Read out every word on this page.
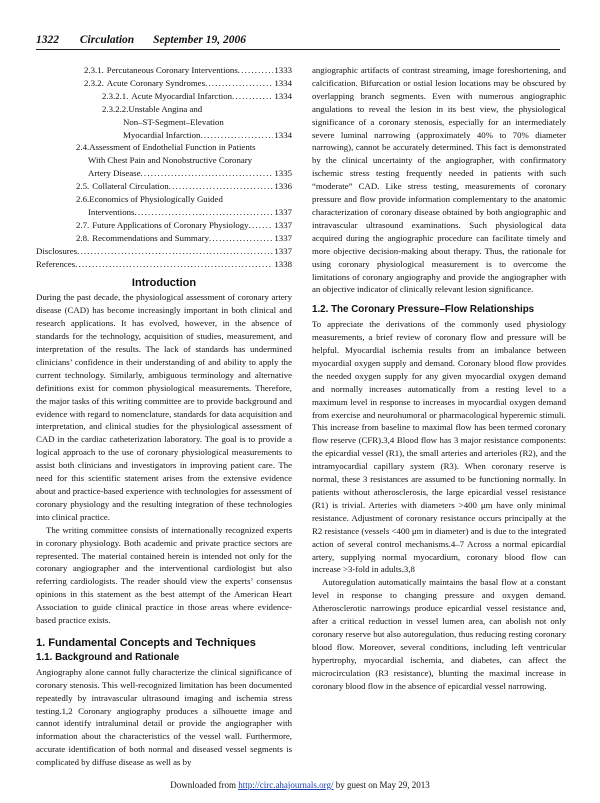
1322 Circulation September 19, 2006
2.3.1. Percutaneous Coronary Interventions .....	1333
2.3.2. Acute Coronary Syndromes .....	1334
2.3.2.1. Acute Myocardial Infarction .....	1334
2.3.2.2.Unstable Angina and
Non–ST-Segment–Elevation
Myocardial Infarction .....	1334
2.4.Assessment of Endothelial Function in Patients
With Chest Pain and Nonobstructive Coronary
Artery Disease .....	1335
2.5. Collateral Circulation .....	1336
2.6.Economics of Physiologically Guided
Interventions .....	1337
2.7. Future Applications of Coronary Physiology .....	1337
2.8. Recommendations and Summary .....	1337
Disclosures .....	1337
References .....	1338
Introduction

During the past decade, the physiological assessment of coronary artery disease (CAD) has become increasingly important in both clinical and research applications. It has evolved, however, in the absence of standards for the technology, acquisition of studies, measurement, and interpretation of the results. The lack of standards has undermined clinicians’ confidence in their understanding of and ability to apply the current technology. Similarly, ambiguous terminology and alternative definitions exist for common physiological measurements. Therefore, the major tasks of this writing committee are to provide background and evidence with regard to nomenclature, standards for data acquisition and interpretation, and clinical studies for the physiological assessment of CAD in the cardiac catheterization laboratory. The goal is to provide a logical approach to the use of coronary physiological measurements to assist both clinicians and investigators in improving patient care. The need for this scientific statement arises from the extensive evidence about and practice-based experience with technologies for assessment of coronary physiology and the resulting integration of these technologies into clinical practice.

The writing committee consists of internationally recognized experts in coronary physiology. Both academic and private practice sectors are represented. The material contained herein is intended not only for the coronary angiographer and the interventional cardiologist but also referring cardiologists. The reader should view the experts’ consensus opinions in this statement as the best attempt of the American Heart Association to guide clinical practice in those areas where evidence-based practice exists.

1. Fundamental Concepts and Techniques
1.1. Background and Rationale

Angiography alone cannot fully characterize the clinical significance of coronary stenosis. This well-recognized limitation has been documented repeatedly by intravascular ultrasound imaging and ischemia stress testing.1,2 Coronary angiography produces a silhouette image and cannot identify intraluminal detail or provide the angiographer with information about the characteristics of the vessel wall. Furthermore, accurate identification of both normal and diseased vessel segments is complicated by diffuse disease as well as by

angiographic artifacts of contrast streaming, image foreshortening, and calcification. Bifurcation or ostial lesion locations may be obscured by overlapping branch segments. Even with numerous angiographic angulations to reveal the lesion in its best view, the physiological significance of a coronary stenosis, especially for an intermediately severe luminal narrowing (approximately 40% to 70% diameter narrowing), cannot be accurately determined. This fact is demonstrated by the clinical uncertainty of the angiographer, with confirmatory ischemic stress testing frequently needed in patients with such “moderate” CAD. Like stress testing, measurements of coronary pressure and flow provide information complementary to the anatomic characterization of coronary disease obtained by both angiographic and intravascular ultrasound examinations. Such physiological data acquired during the angiographic procedure can facilitate timely and more objective decision-making about therapy. Thus, the rationale for using coronary physiological measurement is to overcome the limitations of coronary angiography and provide the angiographer with an objective indicator of clinically relevant lesion significance.

1.2. The Coronary Pressure–Flow Relationships

To appreciate the derivations of the commonly used physiology measurements, a brief review of coronary flow and pressure will be helpful. Myocardial ischemia results from an imbalance between myocardial oxygen supply and demand. Coronary blood flow provides the needed oxygen supply for any given myocardial oxygen demand and normally increases automatically from a resting level to a maximum level in response to increases in myocardial oxygen demand from exercise and neurohumoral or pharmacological hyperemic stimuli. This increase from baseline to maximal flow has been termed coronary flow reserve (CFR).3,4 Blood flow has 3 major resistance components: the epicardial vessel (R1), the small arteries and arterioles (R2), and the intramyocardial capillary system (R3). When coronary reserve is normal, these 3 resistances are assumed to be functioning normally. In patients without atherosclerosis, the large epicardial vessel resistance (R1) is trivial. Arteries with diameters >400 μm have only minimal resistance. Adjustment of coronary resistance occurs principally at the R2 resistance (vessels <400 μm in diameter) and is due to the integrated action of several control mechanisms.4–7 Across a normal epicardial artery, supplying normal myocardium, coronary blood flow can increase >3-fold in adults.3,8

Autoregulation automatically maintains the basal flow at a constant level in response to changing pressure and oxygen demand. Atherosclerotic narrowings produce epicardial vessel resistance and, after a critical reduction in vessel lumen area, can abolish not only coronary reserve but also autoregulation, thus reducing resting coronary blood flow. Moreover, several conditions, including left ventricular hypertrophy, myocardial ischemia, and diabetes, can affect the microcirculation (R3 resistance), blunting the maximal increase in coronary blood flow in the absence of epicardial vessel narrowing.

Downloaded from http://circ.ahajournals.org/ by guest on May 29, 2013
